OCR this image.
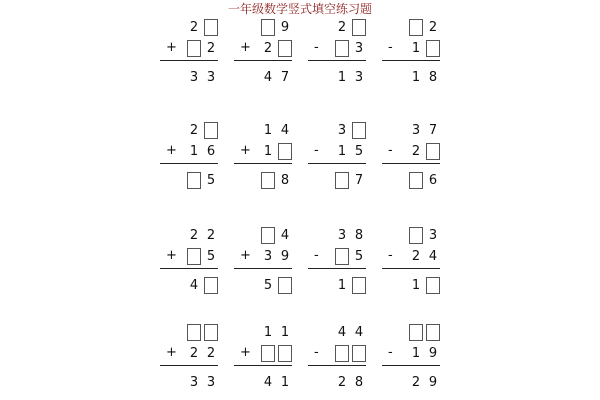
一年级数学竖式填空练习题
2
+ 2
3 3
9
+ 2
4 7
2
-	3
1 3
2
- 1
1 8
2
+ 1 6
5
1 4
+ 1
8
3
- 1 5
7
3 7
- 2
6
2 2
+ 5
4
4
+ 3 9
5
3 8
-	5
1
3
- 2 4
1
+ 2 2
3 3
1 1
+
4 1
4 4
-
2 8
- 1 9
2 9
